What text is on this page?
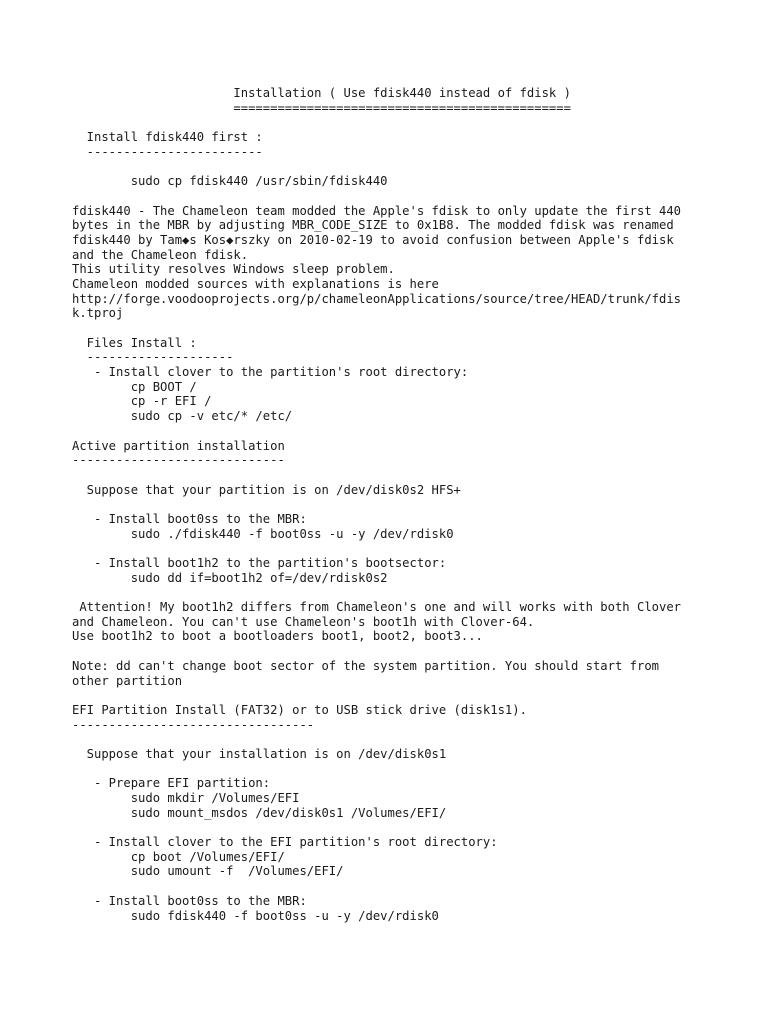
Installation ( Use fdisk440 instead of fdisk )
==============================================
Install fdisk440 first :
------------------------
sudo cp fdisk440 /usr/sbin/fdisk440
fdisk440 - The Chameleon team modded the Apple's fdisk to only update the first 440
bytes in the MBR by adjusting MBR_CODE_SIZE to 0x1B8. The modded fdisk was renamed
fdisk440 by Tam◆s Kos◆rszky on 2010-02-19 to avoid confusion between Apple's fdisk
and the Chameleon fdisk.
This utility resolves Windows sleep problem.
Chameleon modded sources with explanations is here
http://forge.voodooprojects.org/p/chameleonApplications/source/tree/HEAD/trunk/fdis
k.tproj
Files Install :
--------------------
- Install clover to the partition's root directory:
cp BOOT /
cp -r EFI /
sudo cp -v etc/* /etc/
Active partition installation
-----------------------------
Suppose that your partition is on /dev/disk0s2 HFS+
- Install boot0ss to the MBR:
sudo ./fdisk440 -f boot0ss -u -y /dev/rdisk0
- Install boot1h2 to the partition's bootsector:
sudo dd if=boot1h2 of=/dev/rdisk0s2
Attention! My boot1h2 differs from Chameleon's one and will works with both Clover
and Chameleon. You can't use Chameleon's boot1h with Clover-64.
Use boot1h2 to boot a bootloaders boot1, boot2, boot3...
Note: dd can't change boot sector of the system partition. You should start from
other partition
EFI Partition Install (FAT32) or to USB stick drive (disk1s1).
---------------------------------
Suppose that your installation is on /dev/disk0s1
- Prepare EFI partition:
sudo mkdir /Volumes/EFI
sudo mount_msdos /dev/disk0s1 /Volumes/EFI/
- Install clover to the EFI partition's root directory:
cp boot /Volumes/EFI/
sudo umount -f  /Volumes/EFI/
- Install boot0ss to the MBR:
sudo fdisk440 -f boot0ss -u -y /dev/rdisk0
